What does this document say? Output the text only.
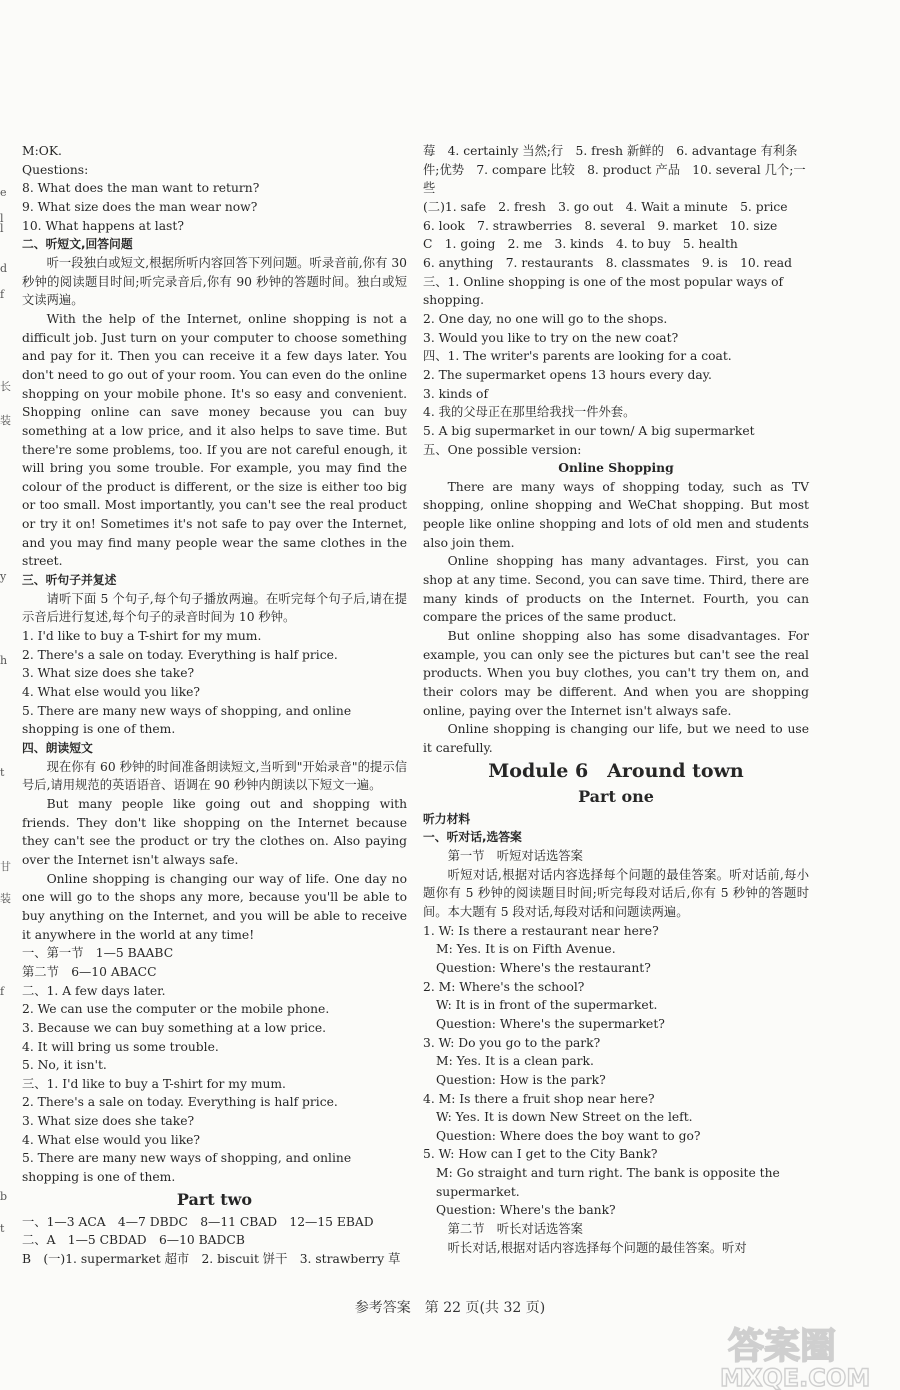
M:OK.

Questions:

8. What does the man want to return?

9. What size does the man wear now?

10. What happens at last?

二、听短文,回答问题

听一段独白或短文,根据所听内容回答下列问题。听录音前,你有 30 秒钟的阅读题目时间;听完录音后,你有 90 秒钟的答题时间。独白或短文读两遍。

With the help of the Internet, online shopping is not a difficult job. Just turn on your computer to choose something and pay for it. Then you can receive it a few days later. You don't need to go out of your room. You can even do the online shopping on your mobile phone. It's so easy and convenient. Shopping online can save money because you can buy something at a low price, and it also helps to save time. But there're some problems, too. If you are not careful enough, it will bring you some trouble. For example, you may find the colour of the product is different, or the size is either too big or too small. Most importantly, you can't see the real product or try it on! Sometimes it's not safe to pay over the Internet, and you may find many people wear the same clothes in the street.

三、听句子并复述

请听下面 5 个句子,每个句子播放两遍。在听完每个句子后,请在提示音后进行复述,每个句子的录音时间为 10 秒钟。

1. I'd like to buy a T-shirt for my mum.

2. There's a sale on today. Everything is half price.

3. What size does she take?

4. What else would you like?

5. There are many new ways of shopping, and online shopping is one of them.

四、朗读短文

现在你有 60 秒钟的时间准备朗读短文,当听到"开始录音"的提示信号后,请用规范的英语语音、语调在 90 秒钟内朗读以下短文一遍。

But many people like going out and shopping with friends. They don't like shopping on the Internet because they can't see the product or try the clothes on. Also paying over the Internet isn't always safe.

Online shopping is changing our way of life. One day no one will go to the shops any more, because you'll be able to buy anything on the Internet, and you will be able to receive it anywhere in the world at any time!

一、第一节　1—5 BAABC

第二节　6—10 ABACC

二、1. A few days later.

2. We can use the computer or the mobile phone.

3. Because we can buy something at a low price.

4. It will bring us some trouble.

5. No, it isn't.

三、1. I'd like to buy a T-shirt for my mum.

2. There's a sale on today. Everything is half price.

3. What size does she take?

4. What else would you like?

5. There are many new ways of shopping, and online shopping is one of them.

Part two

一、1—3 ACA　4—7 DBDC　8—11 CBAD　12—15 EBAD

二、A　1—5 CBDAD　6—10 BADCB

B　(一)1. supermarket 超市　2. biscuit 饼干　3. strawberry 草

莓　4. certainly 当然;行　5. fresh 新鲜的　6. advantage 有利条件;优势　7. compare 比较　8. product 产品　10. several 几个;一些

(二)1. safe　2. fresh　3. go out　4. Wait a minute　5. price

6. look　7. strawberries　8. several　9. market　10. size

C　1. going　2. me　3. kinds　4. to buy　5. health

6. anything　7. restaurants　8. classmates　9. is　10. read

三、1. Online shopping is one of the most popular ways of shopping.

2. One day, no one will go to the shops.

3. Would you like to try on the new coat?

四、1. The writer's parents are looking for a coat.

2. The supermarket opens 13 hours every day.

3. kinds of

4. 我的父母正在那里给我找一件外套。

5. A big supermarket in our town/ A big supermarket

五、One possible version:

Online Shopping

There are many ways of shopping today, such as TV shopping, online shopping and WeChat shopping. But most people like online shopping and lots of old men and students also join them.

Online shopping has many advantages. First, you can shop at any time. Second, you can save time. Third, there are many kinds of products on the Internet. Fourth, you can compare the prices of the same product.

But online shopping also has some disadvantages. For example, you can only see the pictures but can't see the real products. When you buy clothes, you can't try them on, and their colors may be different. And when you are shopping online, paying over the Internet isn't always safe.

Online shopping is changing our life, but we need to use it carefully.

Module 6　Around town

Part one

听力材料

一、听对话,选答案

第一节　听短对话选答案

听短对话,根据对话内容选择每个问题的最佳答案。听对话前,每小题你有 5 秒钟的阅读题目时间;听完每段对话后,你有 5 秒钟的答题时间。本大题有 5 段对话,每段对话和问题读两遍。

1. W: Is there a restaurant near here?

M: Yes. It is on Fifth Avenue.

Question: Where's the restaurant?

2. M: Where's the school?

W: It is in front of the supermarket.

Question: Where's the supermarket?

3. W: Do you go to the park?

M: Yes. It is a clean park.

Question: How is the park?

4. M: Is there a fruit shop near here?

W: Yes. It is down New Street on the left.

Question: Where does the boy want to go?

5. W: How can I get to the City Bank?

M: Go straight and turn right. The bank is opposite the supermarket.

Question: Where's the bank?

第二节　听长对话选答案

听长对话,根据对话内容选择每个问题的最佳答案。听对

e
l
l
d
f
长
装
y
h
t
甘
装
f
b
t
参考答案　第 22 页(共 32 页)
答案圈
MXQE.COM
